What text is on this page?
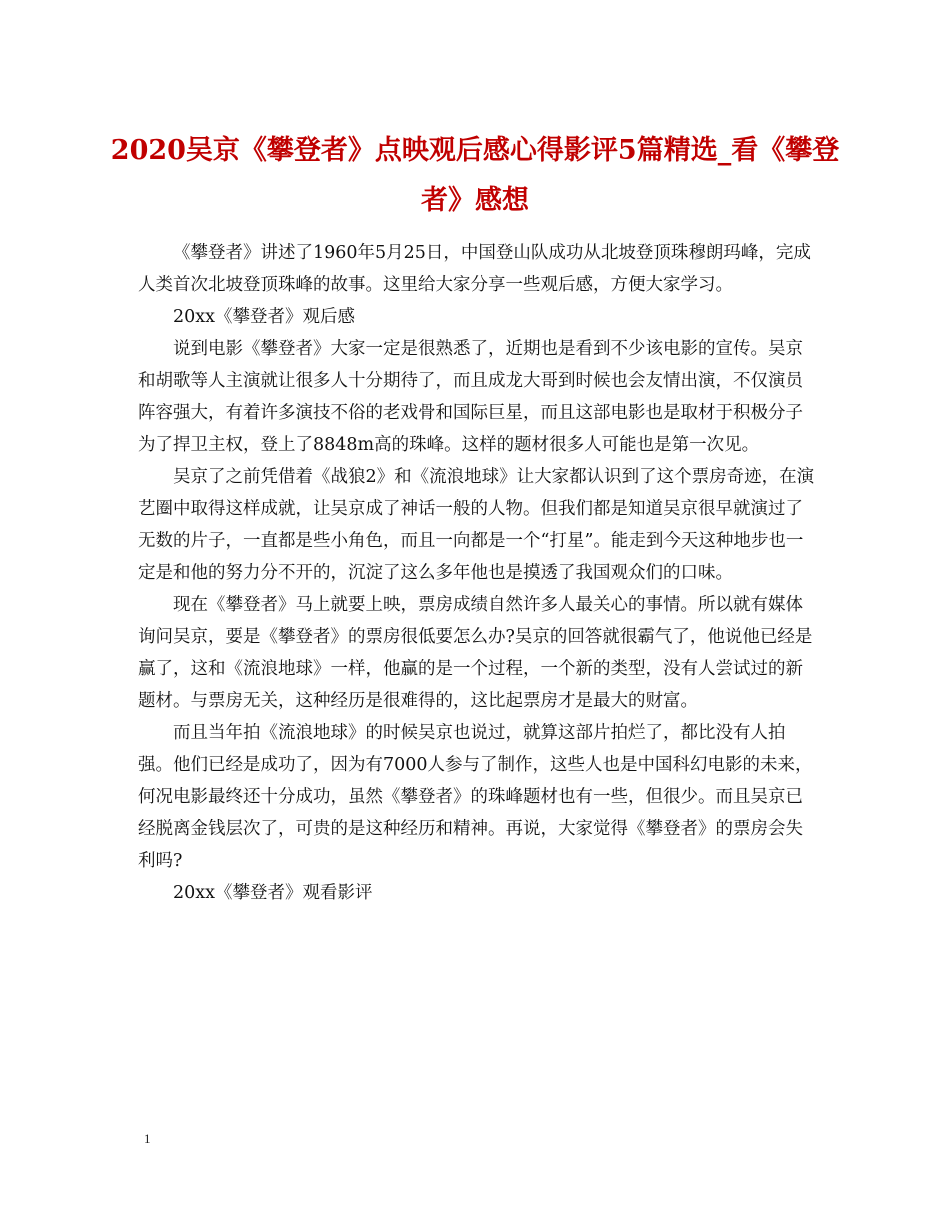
2020吴京《攀登者》点映观后感心得影评5篇精选_看《攀登者》感想

《攀登者》讲述了1960年5月25日，中国登山队成功从北坡登顶珠穆朗玛峰，完成人类首次北坡登顶珠峰的故事。这里给大家分享一些观后感，方便大家学习。

20xx《攀登者》观后感

说到电影《攀登者》大家一定是很熟悉了，近期也是看到不少该电影的宣传。吴京和胡歌等人主演就让很多人十分期待了，而且成龙大哥到时候也会友情出演，不仅演员阵容强大，有着许多演技不俗的老戏骨和国际巨星，而且这部电影也是取材于积极分子为了捍卫主权，登上了8848m高的珠峰。这样的题材很多人可能也是第一次见。

吴京了之前凭借着《战狼2》和《流浪地球》让大家都认识到了这个票房奇迹，在演艺圈中取得这样成就，让吴京成了神话一般的人物。但我们都是知道吴京很早就演过了无数的片子，一直都是些小角色，而且一向都是一个“打星”。能走到今天这种地步也一定是和他的努力分不开的，沉淀了这么多年他也是摸透了我国观众们的口味。

现在《攀登者》马上就要上映，票房成绩自然许多人最关心的事情。所以就有媒体询问吴京，要是《攀登者》的票房很低要怎么办?吴京的回答就很霸气了，他说他已经是赢了，这和《流浪地球》一样，他赢的是一个过程，一个新的类型，没有人尝试过的新题材。与票房无关，这种经历是很难得的，这比起票房才是最大的财富。

而且当年拍《流浪地球》的时候吴京也说过，就算这部片拍烂了，都比没有人拍强。他们已经是成功了，因为有7000人参与了制作，这些人也是中国科幻电影的未来，何况电影最终还十分成功，虽然《攀登者》的珠峰题材也有一些，但很少。而且吴京已经脱离金钱层次了，可贵的是这种经历和精神。再说，大家觉得《攀登者》的票房会失利吗?

20xx《攀登者》观看影评

1
